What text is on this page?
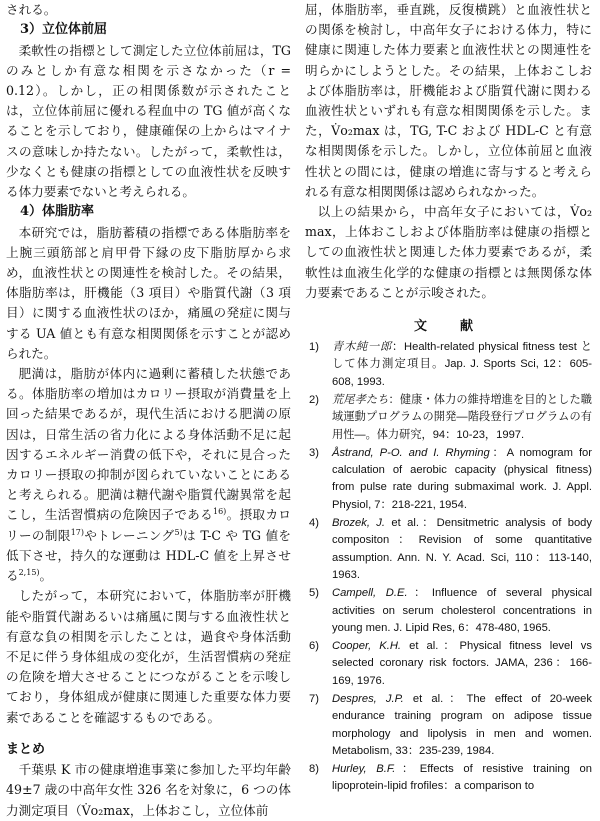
される。

3）立位体前屈

柔軟性の指標として測定した立位体前屈は，TG のみとしか有意な相関を示さなかった（r = 0.12）。しかし，正の相関係数が示されたことは，立位体前屈に優れる程血中の TG 値が高くなることを示しており，健康確保の上からはマイナスの意味しか持たない。したがって，柔軟性は，少なくとも健康の指標としての血液性状を反映する体力要素でないと考えられる。

4）体脂肪率

本研究では，脂肪蓄積の指標である体脂肪率を上腕三頭筋部と肩甲骨下縁の皮下脂肪厚から求め，血液性状との関連性を検討した。その結果，体脂肪率は，肝機能（3 項目）や脂質代謝（3 項目）に関する血液性状のほか，痛風の発症に関与する UA 値とも有意な相関関係を示すことが認められた。

肥満は，脂肪が体内に過剰に蓄積した状態である。体脂肪率の増加はカロリー摂取が消費量を上回った結果であるが，現代生活における肥満の原因は，日常生活の省力化による身体活動不足に起因するエネルギー消費の低下や，それに見合ったカロリー摂取の抑制が図られていないことにあると考えられる。肥満は糖代謝や脂質代謝異常を起こし，生活習慣病の危険因子である$^{16)}$。摂取カロリーの制限$^{17)}$やトレーニング$^{5)}$は T-C や TG 値を低下させ，持久的な運動は HDL-C 値を上昇させる$^{2,15)}$。

したがって，本研究において，体脂肪率が肝機能や脂質代謝あるいは痛風に関与する血液性状と有意な負の相関を示したことは，過食や身体活動不足に伴う身体組成の変化が，生活習慣病の発症の危険を増大させることにつながることを示唆しており，身体組成が健康に関連した重要な体力要素であることを確認するものである。

まとめ

千葉県 K 市の健康増進事業に参加した平均年齢 49±7 歳の中高年女性 326 名を対象に，6 つの体力測定項目（V̇o₂max，上体おこし，立位体前

屈，体脂肪率，垂直跳，反復横跳）と血液性状との関係を検討し，中高年女子における体力，特に健康に関連した体力要素と血液性状との関連性を明らかにしようとした。その結果，上体おこしおよび体脂肪率は，肝機能および脂質代謝に関わる血液性状といずれも有意な相関関係を示した。また，V̇o₂max は，TG, T-C および HDL-C と有意な相関関係を示した。しかし，立位体前屈と血液性状との間には，健康の増進に寄与すると考えられる有意な相関関係は認められなかった。

以上の結果から，中高年女子においては，V̇o₂ max，上体おこしおよび体脂肪率は健康の指標としての血液性状と関連した体力要素であるが，柔軟性は血液生化学的な健康の指標とは無関係な体力要素であることが示唆された。

文　献
1) 青木純一郎：Health-related physical fitness test として体力測定項目。Jap. J. Sports Sci, 12：605-608, 1993.
2) 荒尾孝たち：健康・体力の維持増進を目的とした職域運動プログラムの開発―階段登行プログラムの有用性―。体力研究，94：10-23，1997.
3) Åstrand, P-O. and I. Rhyming：A nomogram for calculation of aerobic capacity (physical fitness) from pulse rate during submaximal work. J. Appl. Physiol, 7：218-221, 1954.
4) Brozek, J. et al.：Densitmetric analysis of body compositon：Revision of some quantitative assumption. Ann. N. Y. Acad. Sci, 110：113-140, 1963.
5) Campell, D.E.：Influence of several physical activities on serum cholesterol concentrations in young men. J. Lipid Res, 6：478-480, 1965.
6) Cooper, K.H. et al.：Physical fitness level vs selected coronary risk foctors. JAMA, 236：166-169, 1976.
7) Despres, J.P. et al.：The effect of 20-week endurance training program on adipose tissue morphology and lipolysis in men and women. Metabolism, 33：235-239, 1984.
8) Hurley, B.F.：Effects of resistive training on lipoprotein-lipid frofiles：a comparison to
